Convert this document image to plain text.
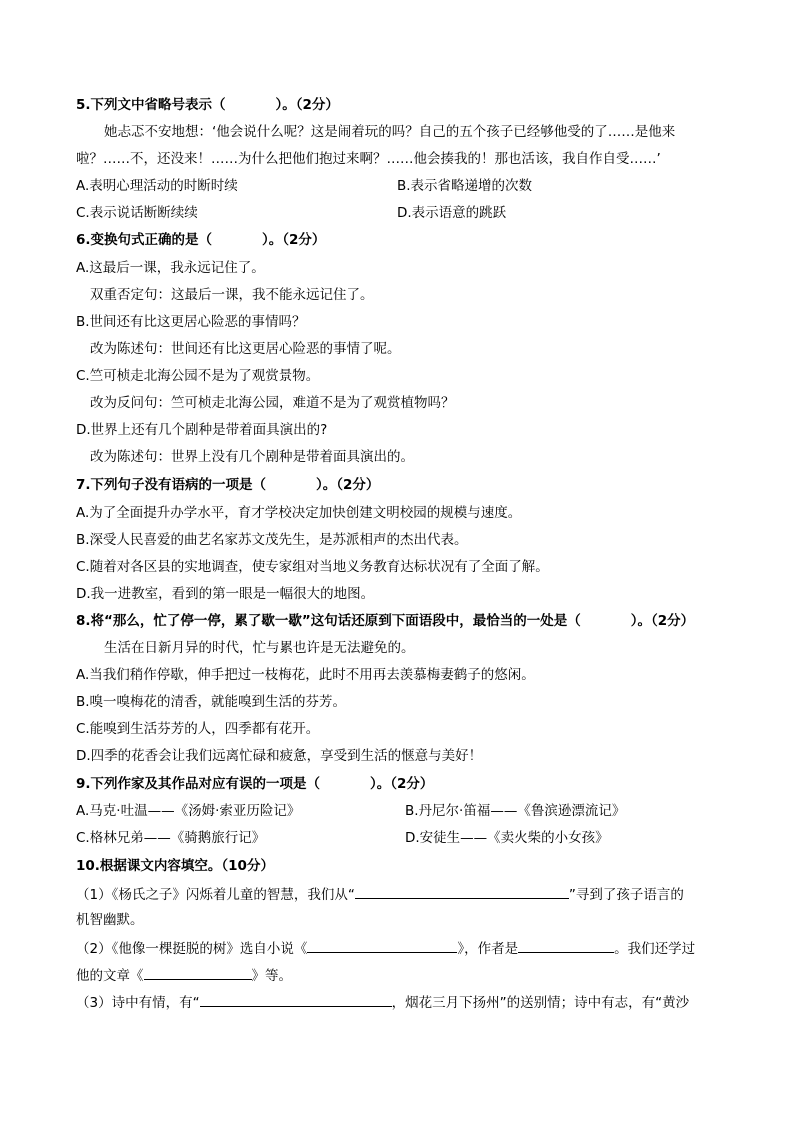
5.下列文中省略号表示（	）。（2分）
她忐忑不安地想：‘他会说什么呢？这是闹着玩的吗？自己的五个孩子已经够他受的了……是他来
啦？……不，还没来！……为什么把他们抱过来啊？……他会揍我的！那也活该，我自作自受……’
A.表明心理活动的时断时续	B.表示省略递增的次数
C.表示说话断断续续	D.表示语意的跳跃
6.变换句式正确的是（	）。（2分）
A.这最后一课，我永远记住了。
双重否定句：这最后一课，我不能永远记住了。
B.世间还有比这更居心险恶的事情吗？
改为陈述句：世间还有比这更居心险恶的事情了呢。
C.竺可桢走北海公园不是为了观赏景物。
改为反问句：竺可桢走北海公园，难道不是为了观赏植物吗？
D.世界上还有几个剧种是带着面具演出的?
改为陈述句：世界上没有几个剧种是带着面具演出的。
7.下列句子没有语病的一项是（	）。（2分）
A.为了全面提升办学水平，育才学校决定加快创建文明校园的规模与速度。
B.深受人民喜爱的曲艺名家苏文茂先生，是苏派相声的杰出代表。
C.随着对各区县的实地调查，使专家组对当地义务教育达标状况有了全面了解。
D.我一进教室，看到的第一眼是一幅很大的地图。
8.将“那么，忙了停一停，累了歇一歇”这句话还原到下面语段中，最恰当的一处是（	）。（2分）
生活在日新月异的时代，忙与累也许是无法避免的。
A.当我们稍作停歇，伸手把过一枝梅花，此时不用再去羡慕梅妻鹤子的悠闲。
B.嗅一嗅梅花的清香，就能嗅到生活的芬芳。
C.能嗅到生活芬芳的人，四季都有花开。
D.四季的花香会让我们远离忙碌和疲惫，享受到生活的惬意与美好！
9.下列作家及其作品对应有误的一项是（	）。（2分）
A.马克·吐温——《汤姆·索亚历险记》	B.丹尼尔·笛福——《鲁滨逊漂流记》
C.格林兄弟——《骑鹅旅行记》	D.安徒生——《卖火柴的小女孩》
10.根据课文内容填空。（10分）
（1）《杨氏之子》闪烁着儿童的智慧，我们从“	”寻到了孩子语言的
机智幽默。
（2）《他像一棵挺脱的树》选自小说《	》，作者是	。我们还学过
他的文章《	》等。
（3）诗中有情，有“	，烟花三月下扬州”的送别情；诗中有志，有“黄沙
